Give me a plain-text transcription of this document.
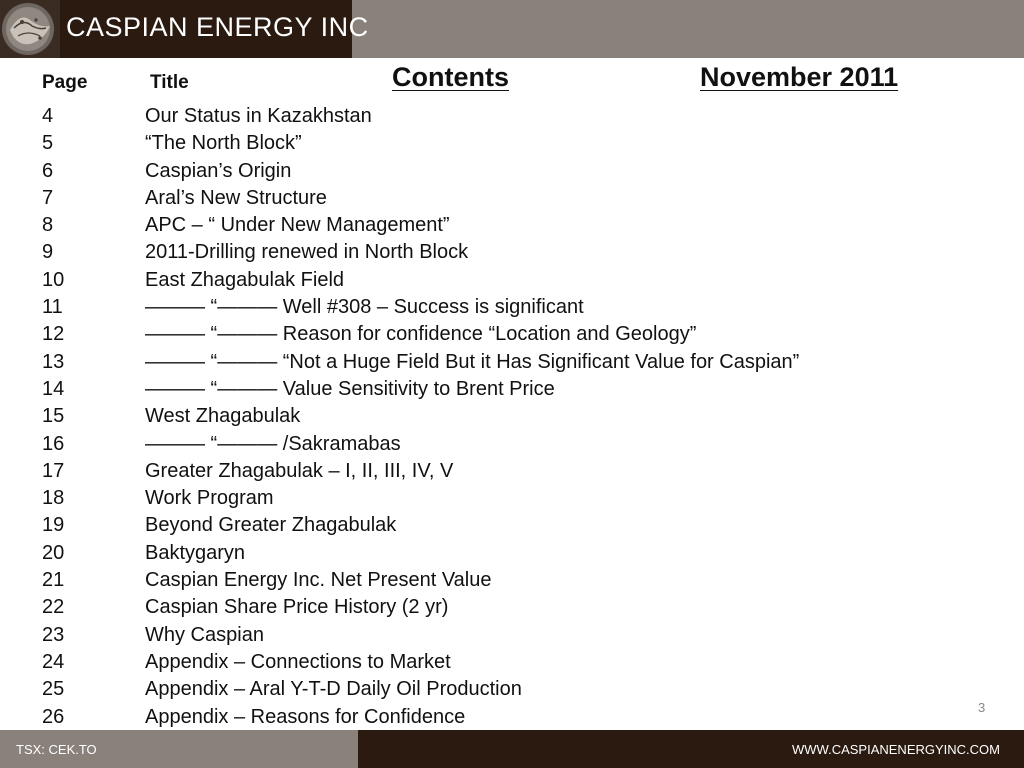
CASPIAN ENERGY INC
Page	Title	Contents	November 2011
4	Our Status in Kazakhstan
5	“The North Block”
6	Caspian’s Origin
7	Aral’s New Structure
8	APC – “ Under New Management”
9	2011-Drilling renewed in North Block
10	East Zhagabulak Field
11	——— “——— Well #308 – Success is significant
12	——— “——— Reason for confidence “Location and Geology”
13	——— “——— “Not a Huge Field But it Has Significant Value for Caspian”
14	——— “——— Value Sensitivity to Brent Price
15	West Zhagabulak
16	——— “——— /Sakramabas
17	Greater Zhagabulak – I, II, III, IV, V
18	Work Program
19	Beyond Greater Zhagabulak
20	Baktygaryn
21	Caspian Energy Inc. Net Present Value
22	Caspian Share Price History (2 yr)
23	Why Caspian
24	Appendix – Connections to Market
25	Appendix – Aral Y-T-D Daily Oil Production
26	Appendix – Reasons for Confidence	3
TSX: CEK.TO	WWW.CASPIANENERGYINC.COM
